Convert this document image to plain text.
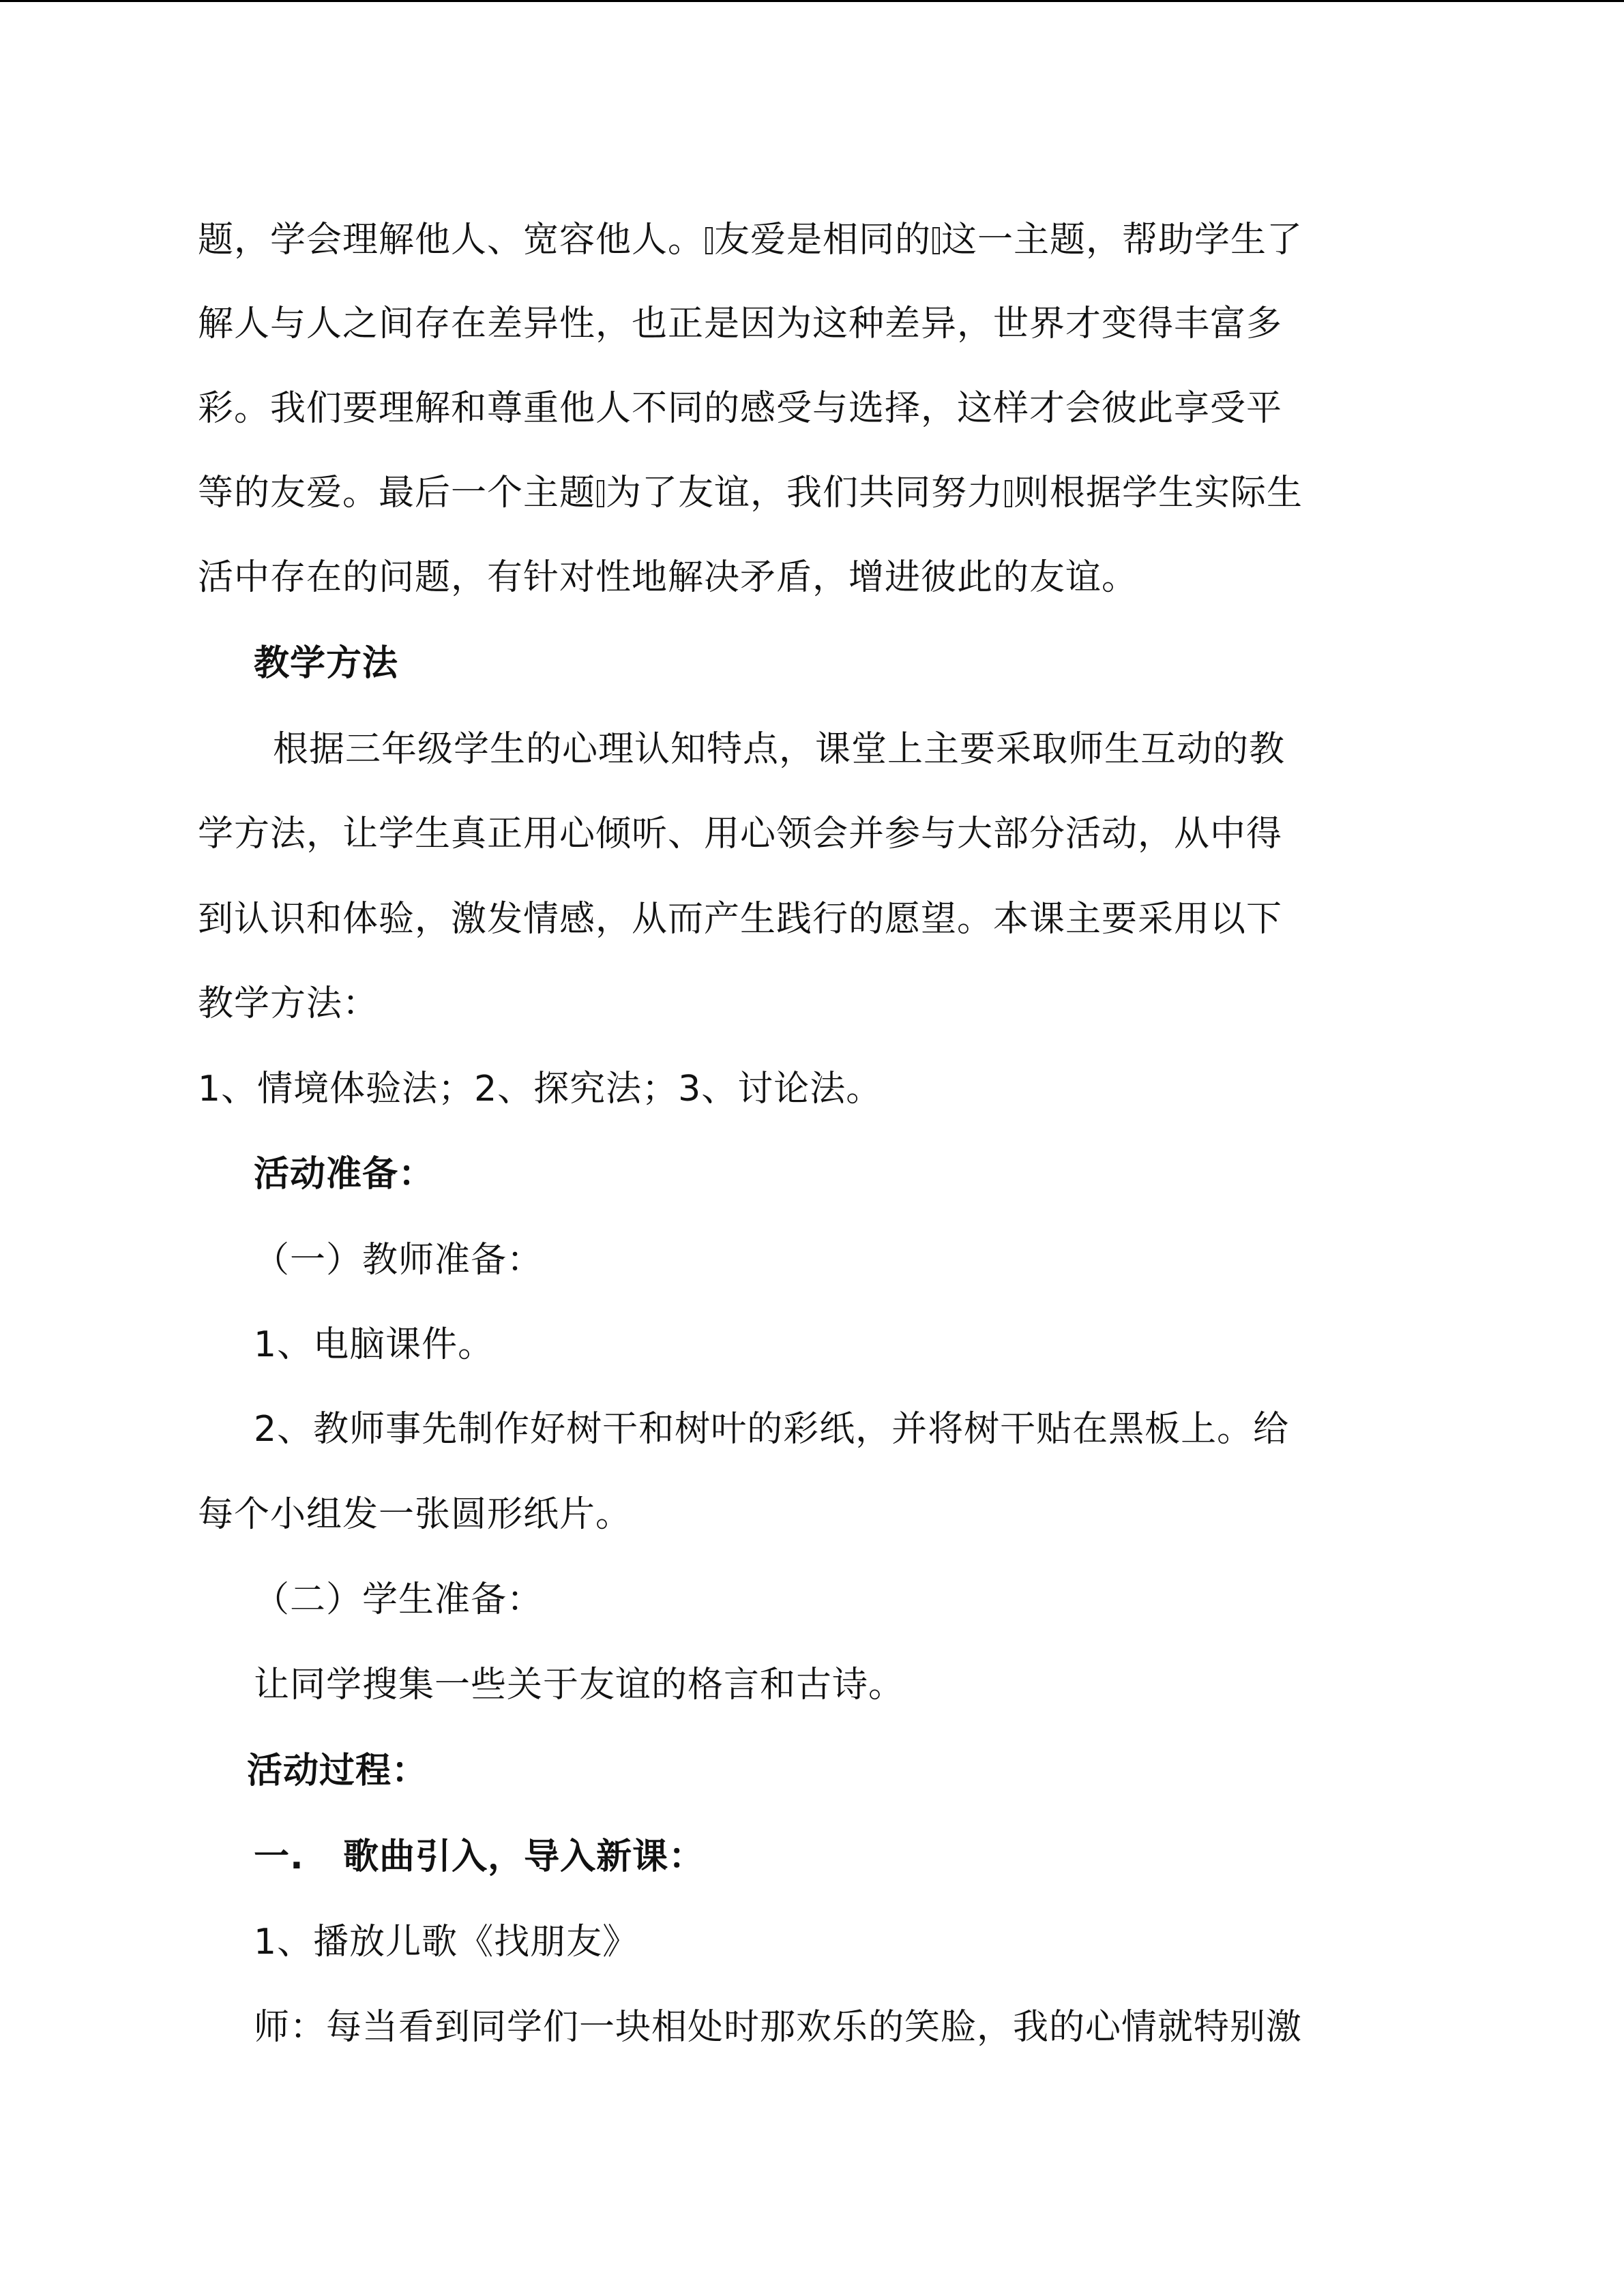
题，学会理解他人、宽容他人。 友爱是相同的 这一主题，帮助学生了
解人与人之间存在差异性，也正是因为这种差异，世界才变得丰富多
彩。我们要理解和尊重他人不同的感受与选择，这样才会彼此享受平
等的友爱。最后一个主题 为了友谊，我们共同努力 则根据学生实际生
活中存在的问题，有针对性地解决矛盾，增进彼此的友谊。
教学方法
根据三年级学生的心理认知特点，课堂上主要采取师生互动的教
学方法，让学生真正用心倾听、用心领会并参与大部分活动，从中得
到认识和体验，激发情感，从而产生践行的愿望。本课主要采用以下
教学方法：
1、情境体验法；2、探究法；3、讨论法。
活动准备：
（一）教师准备：
1、电脑课件。
2、教师事先制作好树干和树叶的彩纸，并将树干贴在黑板上。给
每个小组发一张圆形纸片。
（二）学生准备：
让同学搜集一些关于友谊的格言和古诗。
活动过程：
一.   歌曲引入，导入新课：
1、播放儿歌《找朋友》
师：每当看到同学们一块相处时那欢乐的笑脸，我的心情就特别激
